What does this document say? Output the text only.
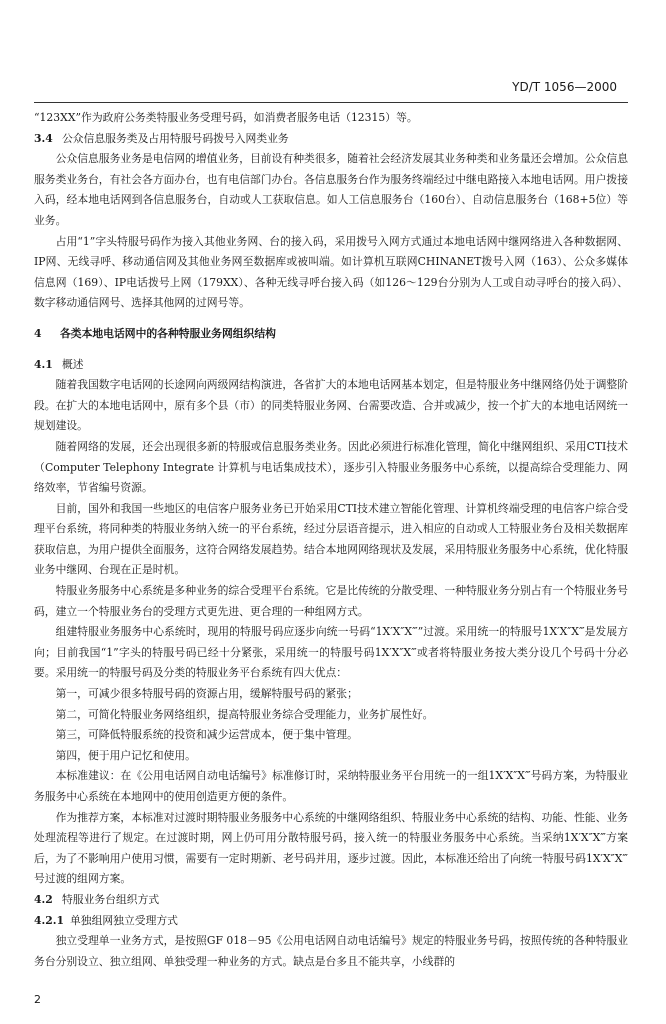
YD/T 1056—2000

“123XX”作为政府公务类特服业务受理号码，如消费者服务电话（12315）等。

3.4 公众信息服务类及占用特服号码拨号入网类业务

公众信息服务业务是电信网的增值业务，目前设有种类很多，随着社会经济发展其业务种类和业务量还会增加。公众信息服务类业务台，有社会各方面办台，也有电信部门办台。各信息服务台作为服务终端经过中继电路接入本地电话网。用户拨接入码，经本地电话网到各信息服务台，自动或人工获取信息。如人工信息服务台（160台）、自动信息服务台（168+5位）等业务。

占用“1”字头特服号码作为接入其他业务网、台的接入码，采用拨号入网方式通过本地电话网中继网络进入各种数据网、IP网、无线寻呼、移动通信网及其他业务网至数据库或被叫端。如计算机互联网CHINANET拨号入网（163）、公众多媒体信息网（169）、IP电话拨号上网（179XX）、各种无线寻呼台接入码（如126～129台分别为人工或自动寻呼台的接入码）、数字移动通信网号、选择其他网的过网号等。

4 各类本地电话网中的各种特服业务网组织结构

4.1 概述

随着我国数字电话网的长途网向两级网结构演进，各省扩大的本地电话网基本划定，但是特服业务中继网络仍处于调整阶段。在扩大的本地电话网中，原有多个县（市）的同类特服业务网、台需要改造、合并或减少，按一个扩大的本地电话网统一规划建设。

随着网络的发展，还会出现很多新的特服或信息服务类业务。因此必须进行标准化管理，简化中继网组织、采用CTI技术（Computer Telephony Integrate 计算机与电话集成技术），逐步引入特服业务服务中心系统，以提高综合受理能力、网络效率，节省编号资源。

目前，国外和我国一些地区的电信客户服务业务已开始采用CTI技术建立智能化管理、计算机终端受理的电信客户综合受理平台系统，将同种类的特服业务纳入统一的平台系统，经过分层语音提示，进入相应的自动或人工特服业务台及相关数据库获取信息，为用户提供全面服务，这符合网络发展趋势。结合本地网网络现状及发展，采用特服业务服务中心系统，优化特服业务中继网、台现在正是时机。

特服业务服务中心系统是多种业务的综合受理平台系统。它是比传统的分散受理、一种特服业务分别占有一个特服业务号码，建立一个特服业务台的受理方式更先进、更合理的一种组网方式。

组建特服业务服务中心系统时，现用的特服号码应逐步向统一号码“1X′X″X‴”过渡。采用统一的特服号1X′X″X‴是发展方向；目前我国“1”字头的特服号码已经十分紧张，采用统一的特服号码1X′X″X‴或者将特服业务按大类分设几个号码十分必要。采用统一的特服号码及分类的特服业务平台系统有四大优点：

第一，可减少很多特服号码的资源占用，缓解特服号码的紧张；

第二，可简化特服业务网络组织，提高特服业务综合受理能力，业务扩展性好。

第三，可降低特服系统的投资和减少运营成本，便于集中管理。

第四，便于用户记忆和使用。

本标准建议：在《公用电话网自动电话编号》标准修订时，采纳特服业务平台用统一的一组1X′X″X‴号码方案，为特服业务服务中心系统在本地网中的使用创造更方便的条件。

作为推荐方案，本标准对过渡时期特服业务服务中心系统的中继网络组织、特服业务中心系统的结构、功能、性能、业务处理流程等进行了规定。在过渡时期，网上仍可用分散特服号码，接入统一的特服业务服务中心系统。当采纳1X′X″X‴方案后，为了不影响用户使用习惯，需要有一定时期新、老号码并用，逐步过渡。因此，本标准还给出了向统一特服号码1X′X″X‴号过渡的组网方案。

4.2 特服业务台组织方式

4.2.1 单独组网独立受理方式

独立受理单一业务方式，是按照GF 018－95《公用电话网自动电话编号》规定的特服业务号码，按照传统的各种特服业务台分别设立、独立组网、单独受理一种业务的方式。缺点是台多且不能共享，小线群的

2
